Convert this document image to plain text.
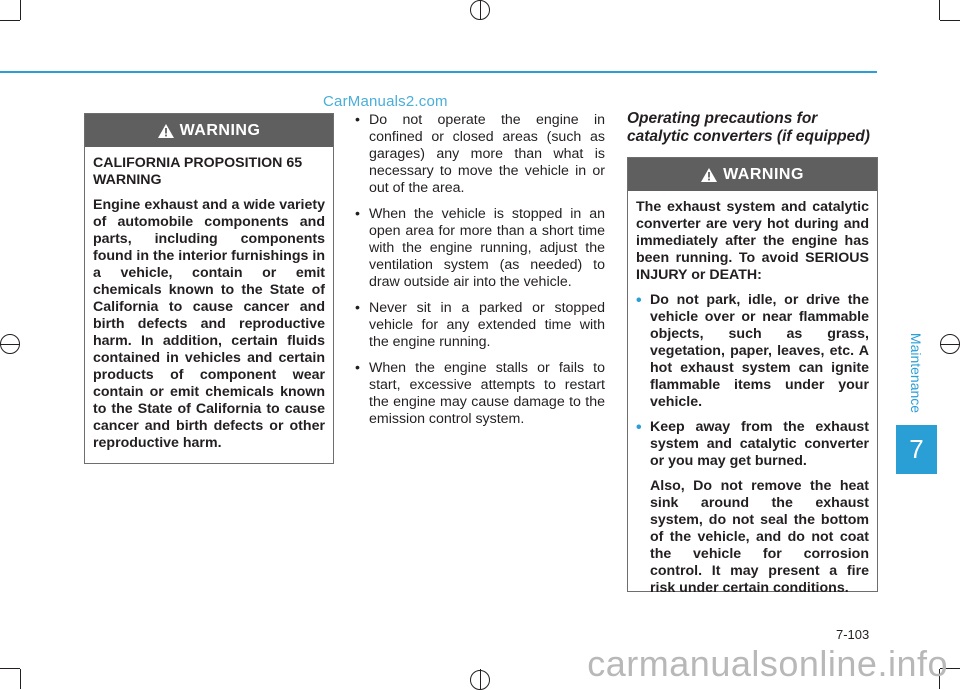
CarManuals2.com
WARNING

CALIFORNIA PROPOSITION 65 WARNING

Engine exhaust and a wide variety of automobile components and parts, including components found in the interior furnishings in a vehicle, contain or emit chemicals known to the State of California to cause cancer and birth defects and reproductive harm. In addition, certain fluids contained in vehicles and certain products of component wear contain or emit chemicals known to the State of California to cause cancer and birth defects or other reproductive harm.

• Do not operate the engine in confined or closed areas (such as garages) any more than what is necessary to move the vehicle in or out of the area.
• When the vehicle is stopped in an open area for more than a short time with the engine running, adjust the ventilation system (as needed) to draw outside air into the vehicle.
• Never sit in a parked or stopped vehicle for any extended time with the engine running.
• When the engine stalls or fails to start, excessive attempts to restart the engine may cause damage to the emission control system.
Operating precautions for catalytic converters (if equipped)
WARNING

The exhaust system and catalytic converter are very hot during and immediately after the engine has been running. To avoid SERIOUS INJURY or DEATH:

• Do not park, idle, or drive the vehicle over or near flammable objects, such as grass, vegetation, paper, leaves, etc. A hot exhaust system can ignite flammable items under your vehicle.
• Keep away from the exhaust system and catalytic converter or you may get burned.

Also, Do not remove the heat sink around the exhaust system, do not seal the bottom of the vehicle, and do not coat the vehicle for corrosion control. It may present a fire risk under certain conditions.

Maintenance
7
7-103
carmanualsonline.info
